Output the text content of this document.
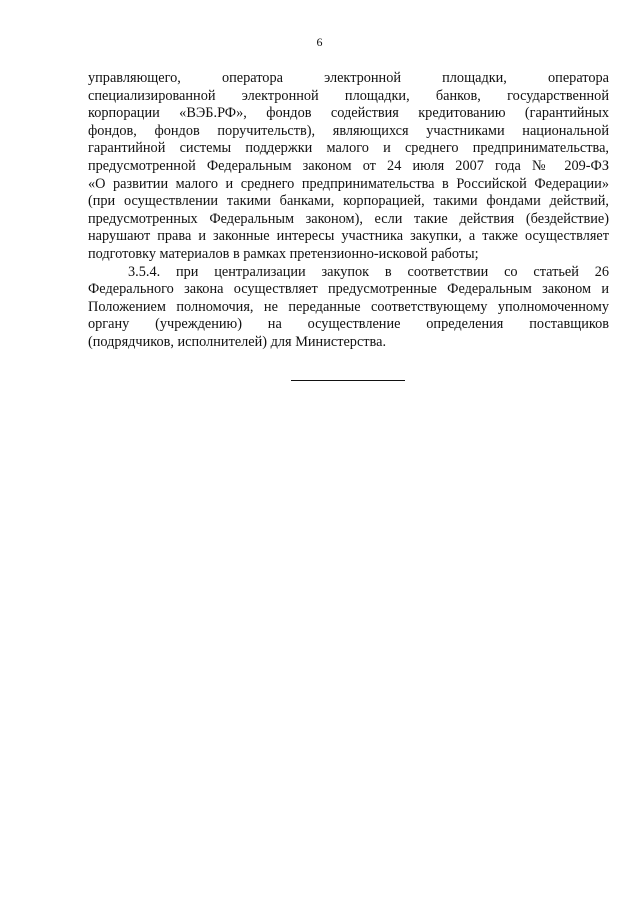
6

управляющего, оператора электронной площадки, оператора
специализированной электронной площадки, банков, государственной
корпорации «ВЭБ.РФ», фондов содействия кредитованию (гарантийных
фондов, фондов поручительств), являющихся участниками национальной
гарантийной системы поддержки малого и среднего предпринимательства,
предусмотренной Федеральным законом от 24 июля 2007 года № 209-ФЗ
«О развитии малого и среднего предпринимательства в Российской Федерации»
(при осуществлении такими банками, корпорацией, такими фондами действий,
предусмотренных Федеральным законом), если такие действия (бездействие)
нарушают права и законные интересы участника закупки, а также осуществляет
подготовку материалов в рамках претензионно-исковой работы;

3.5.4. при централизации закупок в соответствии со статьей 26
Федерального закона осуществляет предусмотренные Федеральным законом и
Положением полномочия, не переданные соответствующему уполномоченному
органу (учреждению) на осуществление определения поставщиков
(подрядчиков, исполнителей) для Министерства.
